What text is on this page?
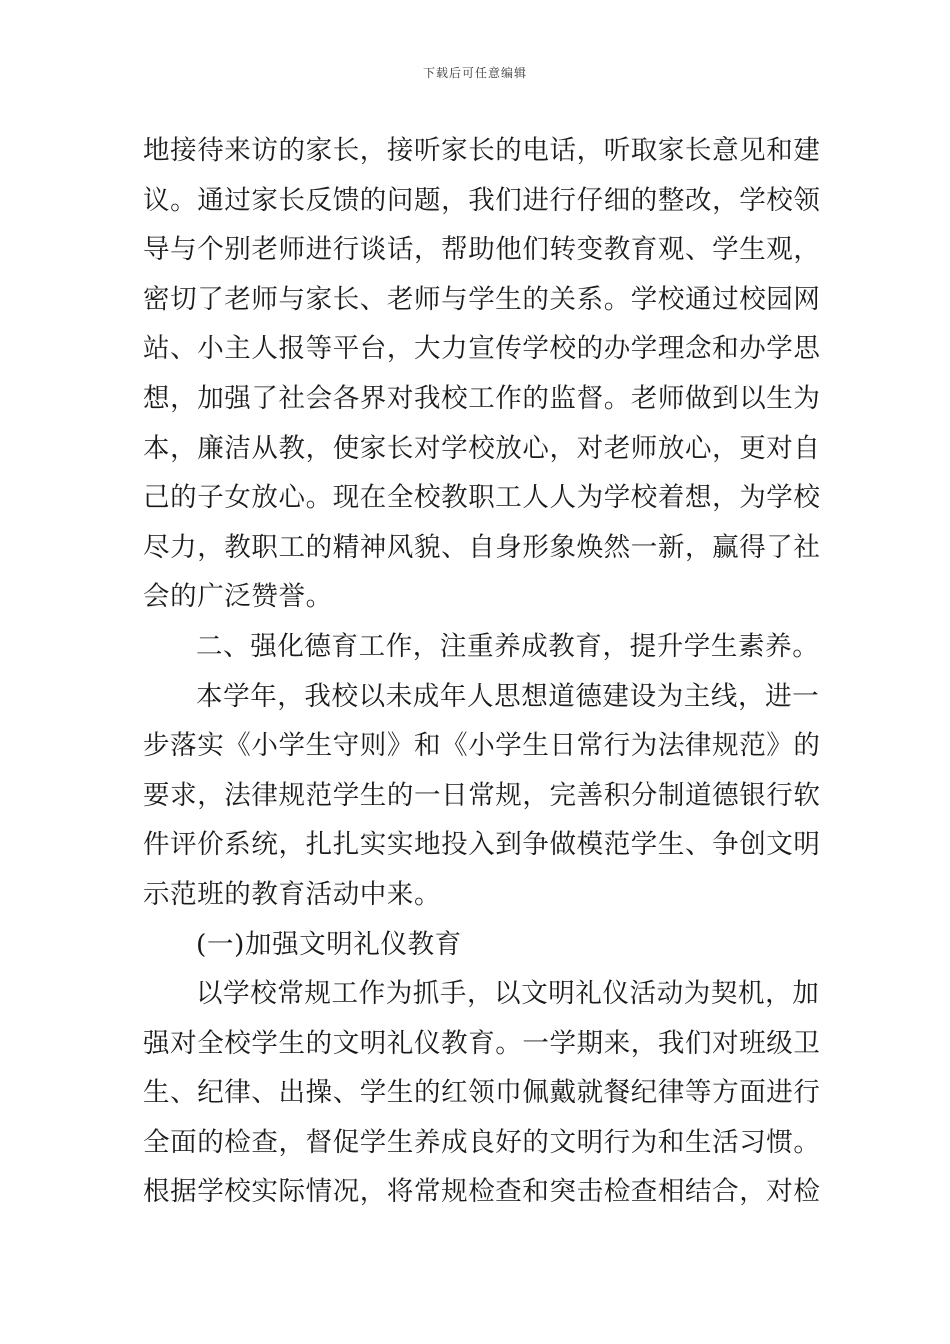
下载后可任意编辑
地接待来访的家长，接听家长的电话，听取家长意见和建
议。通过家长反馈的问题，我们进行仔细的整改，学校领
导与个别老师进行谈话，帮助他们转变教育观、学生观，
密切了老师与家长、老师与学生的关系。学校通过校园网
站、小主人报等平台，大力宣传学校的办学理念和办学思
想，加强了社会各界对我校工作的监督。老师做到以生为
本，廉洁从教，使家长对学校放心，对老师放心，更对自
己的子女放心。现在全校教职工人人为学校着想，为学校
尽力，教职工的精神风貌、自身形象焕然一新，赢得了社
会的广泛赞誉。
二、强化德育工作，注重养成教育，提升学生素养。
本学年，我校以未成年人思想道德建设为主线，进一
步落实《小学生守则》和《小学生日常行为法律规范》的
要求，法律规范学生的一日常规，完善积分制道德银行软
件评价系统，扎扎实实地投入到争做模范学生、争创文明
示范班的教育活动中来。
(一)加强文明礼仪教育
以学校常规工作为抓手，以文明礼仪活动为契机，加
强对全校学生的文明礼仪教育。一学期来，我们对班级卫
生、纪律、出操、学生的红领巾佩戴就餐纪律等方面进行
全面的检查，督促学生养成良好的文明行为和生活习惯。
根据学校实际情况，将常规检查和突击检查相结合，对检
